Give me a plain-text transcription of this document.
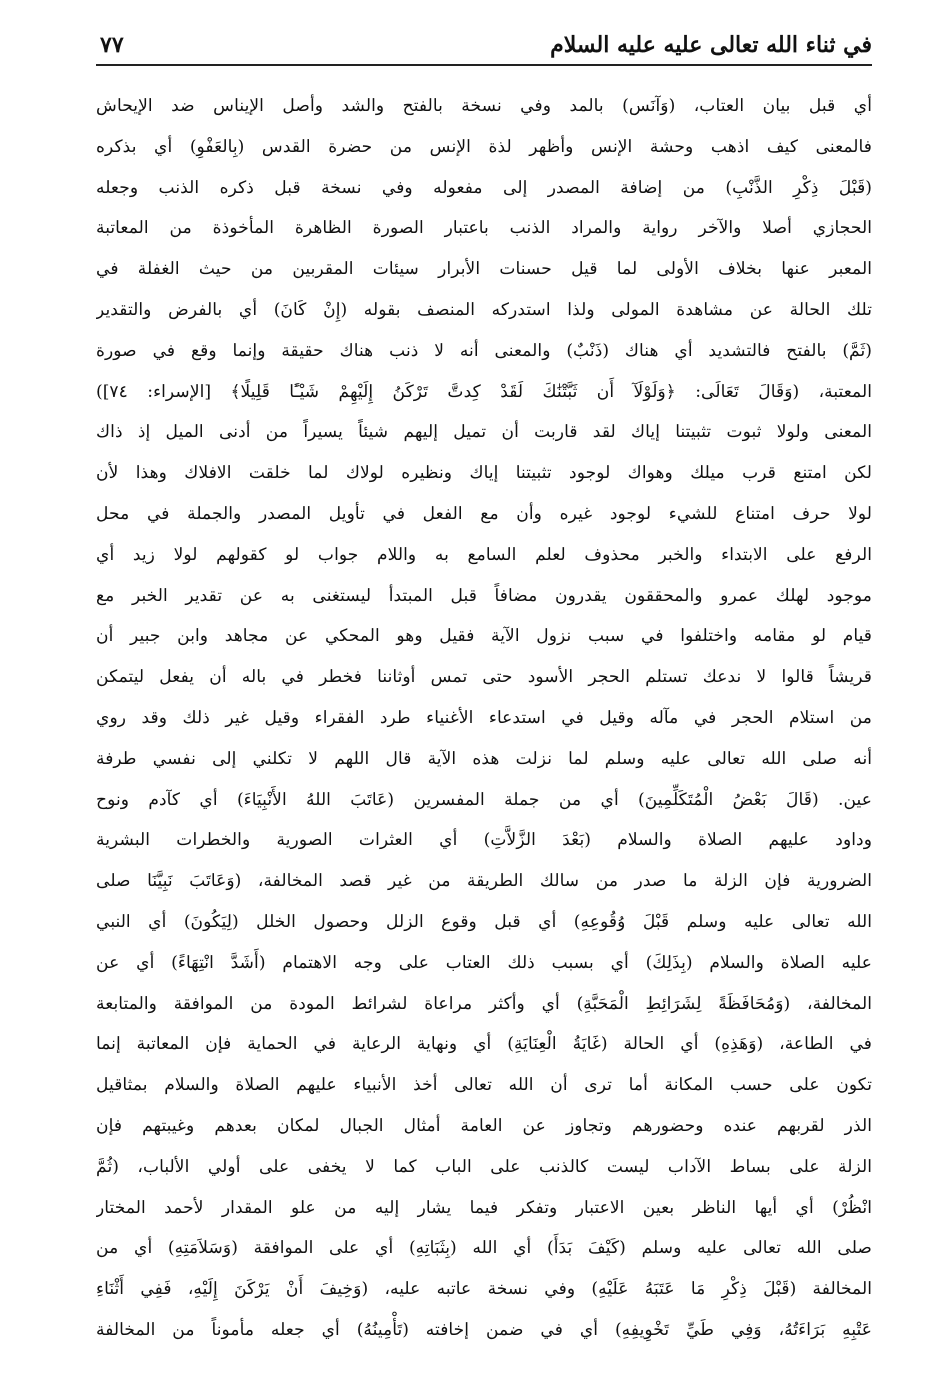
في ثناء الله تعالى عليه عليه السلام
٧٧
أي قبل بيان العتاب، (وَآنَس) بالمد وفي نسخة بالفتح والشد وأصل الإيناس ضد الإيحاش
فالمعنى كيف اذهب وحشة الإنس وأظهر لذة الإنس من حضرة القدس (بِالعَفْوِ) أي بذكره
(قَبْلَ ذِكْرِ الذَّنْبِ) من إضافة المصدر إلى مفعوله وفي نسخة قبل ذكره الذنب وجعله
الحجازي أصلا والآخر رواية والمراد الذنب باعتبار الصورة الظاهرة المأخوذة من المعاتبة
المعبر عنها بخلاف الأولى لما قيل حسنات الأبرار سيئات المقربين من حيث الغفلة في
تلك الحالة عن مشاهدة المولى ولذا استدركه المنصف بقوله (إِنْ كَانَ) أي بالفرض والتقدير
(ثَمَّ) بالفتح فالتشديد أي هناك (ذَنْبٌ) والمعنى أنه لا ذنب هناك حقيقة وإنما وقع في صورة
المعتبة، (وَقَالَ تَعَالَى: ﴿وَلَوْلَآ أَن ثَبَّتْنَٰكَ لَقَدْ كِدتَّ تَرْكَنُ إِلَيْهِمْ شَيْـًٔا قَلِيلًا﴾ [الإسراء: ٧٤])
المعنى ولولا ثبوت تثبيتنا إياك لقد قاربت أن تميل إليهم شيئاً يسيراً من أدنى الميل إذ ذاك
لكن امتنع قرب ميلك وهواك لوجود تثبيتنا إياك ونظيره لولاك لما خلقت الافلاك وهذا لأن
لولا حرف امتناع للشيء لوجود غيره وأن مع الفعل في تأويل المصدر والجملة في محل
الرفع على الابتداء والخبر محذوف لعلم السامع به واللام جواب لو كقولهم لولا زيد أي
موجود لهلك عمرو والمحققون يقدرون مضافاً قبل المبتدأ ليستغنى به عن تقدير الخبر مع
قيام لو مقامه واختلفوا في سبب نزول الآية فقيل وهو المحكي عن مجاهد وابن جبير أن
قريشاً قالوا لا ندعك تستلم الحجر الأسود حتى تمس أوثاننا فخطر في باله أن يفعل ليتمكن
من استلام الحجر في مآله وقيل في استدعاء الأغنياء طرد الفقراء وقيل غير ذلك وقد روي
أنه صلى الله تعالى عليه وسلم لما نزلت هذه الآية قال اللهم لا تكلني إلى نفسي طرفة
عين. (قَالَ بَعْضُ الْمُتَكَلِّمِينَ) أي من جملة المفسرين (عَاتَبَ اللهُ الأَنْبِيَاءَ) أي كآدم ونوح
وداود عليهم الصلاة والسلام (بَعْدَ الزَّلاَّتِ) أي العثرات الصورية والخطرات البشرية
الضرورية فإن الزلة ما صدر من سالك الطريقة من غير قصد المخالفة، (وَعَاتَبَ نَبِيَّنَا صلى
الله تعالى عليه وسلم قَبْلَ وُقُوعِهِ) أي قبل وقوع الزلل وحصول الخلل (لِيَكُونَ) أي النبي
عليه الصلاة والسلام (بِذَلِكَ) أي بسبب ذلك العتاب على وجه الاهتمام (أَشَدَّ انْتِهَاءً) أي عن
المخالفة، (وَمُحَافَظَةً لِشَرَائِطِ الْمَحَبَّةِ) أي وأكثر مراعاة لشرائط المودة من الموافقة والمتابعة
في الطاعة، (وَهَذِهِ) أي الحالة (غَايَةُ الْعِنَايَةِ) أي ونهاية الرعاية في الحماية فإن المعاتبة إنما
تكون على حسب المكانة أما ترى أن الله تعالى أخذ الأنبياء عليهم الصلاة والسلام بمثاقيل
الذر لقربهم عنده وحضورهم وتجاوز عن العامة أمثال الجبال لمكان بعدهم وغيبتهم فإن
الزلة على بساط الآداب ليست كالذنب على الباب كما لا يخفى على أولي الألباب، (ثُمَّ
انْظُرْ) أي أيها الناظر بعين الاعتبار وتفكر فيما يشار إليه من علو المقدار لأحمد المختار
صلى الله تعالى عليه وسلم (كَيْفَ بَدَأَ) أي الله (بِثَبَاتِهِ) أي على الموافقة (وَسَلاَمَتِهِ) أي من
المخالفة (قَبْلَ ذِكْرِ مَا عَتَبَهُ عَلَيْهِ) وفي نسخة عاتبه عليه، (وَخِيفَ أَنْ يَرْكَنَ إِلَيْهِ، فَفِي أَثْنَاءِ
عَتْبِهِ بَرَاءَتُهُ، وَفِي طَيِّ تَخْوِيفِهِ) أي في ضمن إخافته (تَأْمِينُهُ) أي جعله مأموناً من المخالفة
